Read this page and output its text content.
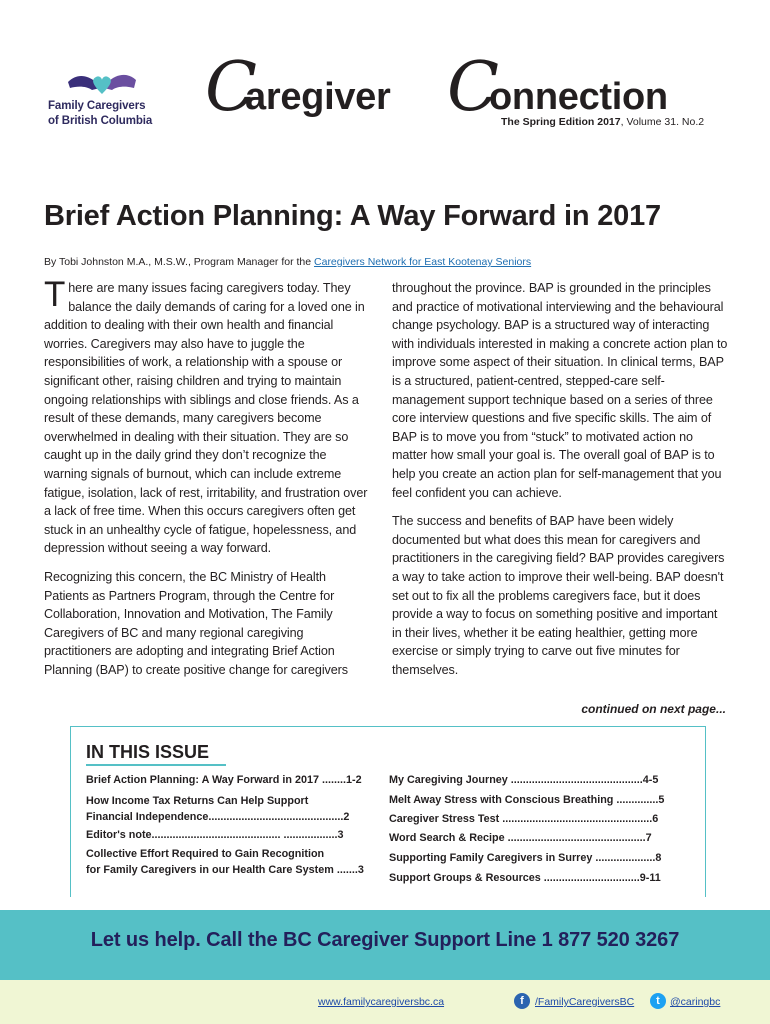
Family Caregivers
of British Columbia C
aregiver C
onnection
The Spring Edition 2017, Volume 31. No.2
Brief Action Planning: A Way Forward in 2017
By Tobi Johnston M.A., M.S.W., Program Manager for the Caregivers Network for East Kootenay Seniors

There are many issues facing caregivers today. They balance the daily demands of caring for a loved one in addition to dealing with their own health and financial worries. Caregivers may also have to juggle the responsibilities of work, a relationship with a spouse or significant other, raising children and trying to maintain ongoing relationships with siblings and close friends. As a result of these demands, many caregivers become overwhelmed in dealing with their situation. They are so caught up in the daily grind they don’t recognize the warning signals of burnout, which can include extreme fatigue, isolation, lack of rest, irritability, and frustration over a lack of free time. When this occurs caregivers often get stuck in an unhealthy cycle of fatigue, hopelessness, and depression without seeing a way forward.

Recognizing this concern, the BC Ministry of Health Patients as Partners Program, through the Centre for Collaboration, Innovation and Motivation, The Family Caregivers of BC and many regional caregiving practitioners are adopting and integrating Brief Action Planning (BAP) to create positive change for caregivers

throughout the province. BAP is grounded in the principles and practice of motivational interviewing and the behavioural change psychology. BAP is a structured way of interacting with individuals interested in making a concrete action plan to improve some aspect of their situation. In clinical terms, BAP is a structured, patient-centred, stepped-care self-management support technique based on a series of three core interview questions and five specific skills. The aim of BAP is to move you from “stuck” to motivated action no matter how small your goal is. The overall goal of BAP is to help you create an action plan for self-management that you feel confident you can achieve.

The success and benefits of BAP have been widely documented but what does this mean for caregivers and practitioners in the caregiving field? BAP provides caregivers a way to take action to improve their well-being. BAP doesn't set out to fix all the problems caregivers face, but it does provide a way to focus on something positive and important in their lives, whether it be eating healthier, getting more exercise or simply trying to carve out five minutes for themselves.

continued on next page...
IN THIS ISSUE
Brief Action Planning: A Way Forward in 2017 ........1-2
How Income Tax Returns Can Help Support
Financial Independence.............................................2
Editor's note........................................... ..................3
Collective Effort Required to Gain Recognition
for Family Caregivers in our Health Care System .......3
My Caregiving Journey ............................................4-5
Melt Away Stress with Conscious Breathing ..............5
Caregiver Stress Test ..................................................6
Word Search & Recipe ..............................................7
Supporting Family Caregivers in Surrey ....................8
Support Groups & Resources ................................9-11
Let us help. Call the BC Caregiver Support Line 1 877 520 3267
www.familycaregiversbc.ca	f	/FamilyCaregiversBC	t @caringbc
